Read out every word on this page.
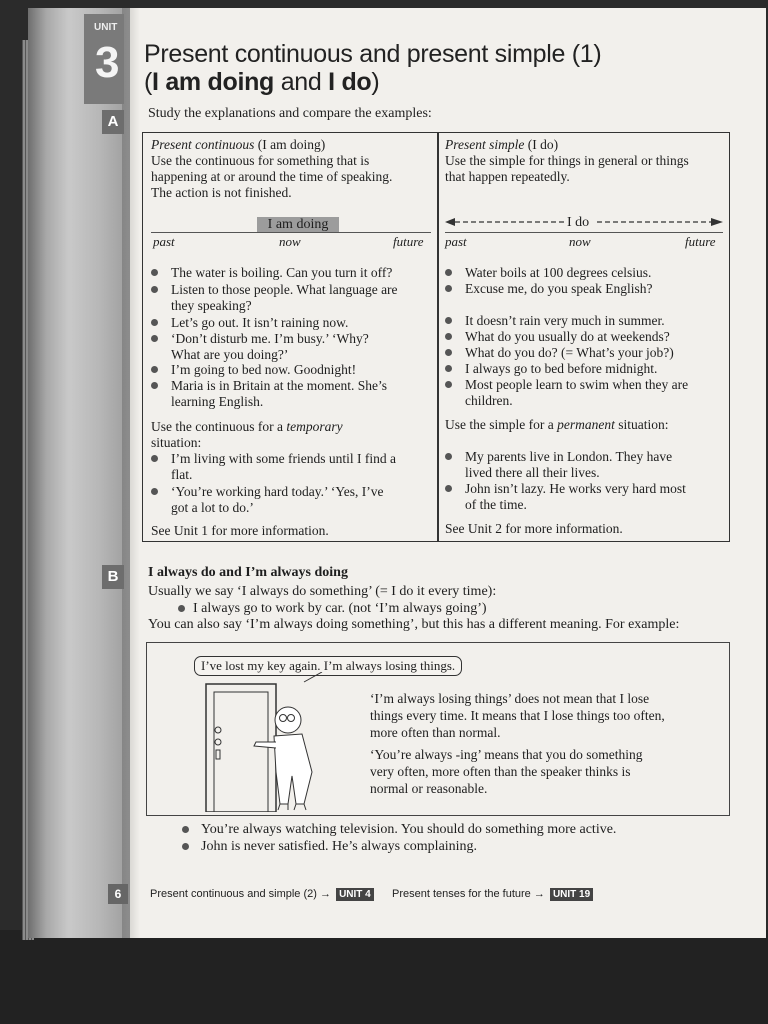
UNIT
3
A
B
6
Present continuous and present simple (1)
(I am doing and I do)
Study the explanations and compare the examples:
Present continuous (I am doing)
Use the continuous for something that is
happening at or around the time of speaking.
The action is not finished.
I am doing
past	now	future
The water is boiling. Can you turn it off?
Listen to those people. What language are
they speaking?
Let’s go out. It isn’t raining now.
‘Don’t disturb me. I’m busy.’ ‘Why?
What are you doing?’
I’m going to bed now. Goodnight!
Maria is in Britain at the moment. She’s
learning English.
Use the continuous for a temporary
situation:
I’m living with some friends until I find a
flat.
‘You’re working hard today.’ ‘Yes, I’ve
got a lot to do.’
See Unit 1 for more information.
Present simple (I do)
Use the simple for things in general or things
that happen repeatedly.
I do
past	now	future
Water boils at 100 degrees celsius.
Excuse me, do you speak English?
It doesn’t rain very much in summer.
What do you usually do at weekends?
What do you do? (= What’s your job?)
I always go to bed before midnight.
Most people learn to swim when they are
children.
Use the simple for a permanent situation:
My parents live in London. They have
lived there all their lives.
John isn’t lazy. He works very hard most
of the time.
See Unit 2 for more information.
I always do and I’m always doing
Usually we say ‘I always do something’ (= I do it every time):
I always go to work by car. (not ‘I’m always going’)
You can also say ‘I’m always doing something’, but this has a different meaning. For example:
I’ve lost my key again. I’m always losing things.
‘I’m always losing things’ does not mean that I lose
things every time. It means that I lose things too often,
more often than normal.
‘You’re always -ing’ means that you do something
very often, more often than the speaker thinks is
normal or reasonable.
You’re always watching television. You should do something more active.
John is never satisfied. He’s always complaining.
Present continuous and simple (2) → UNIT 4 Present tenses for the future → UNIT 19
